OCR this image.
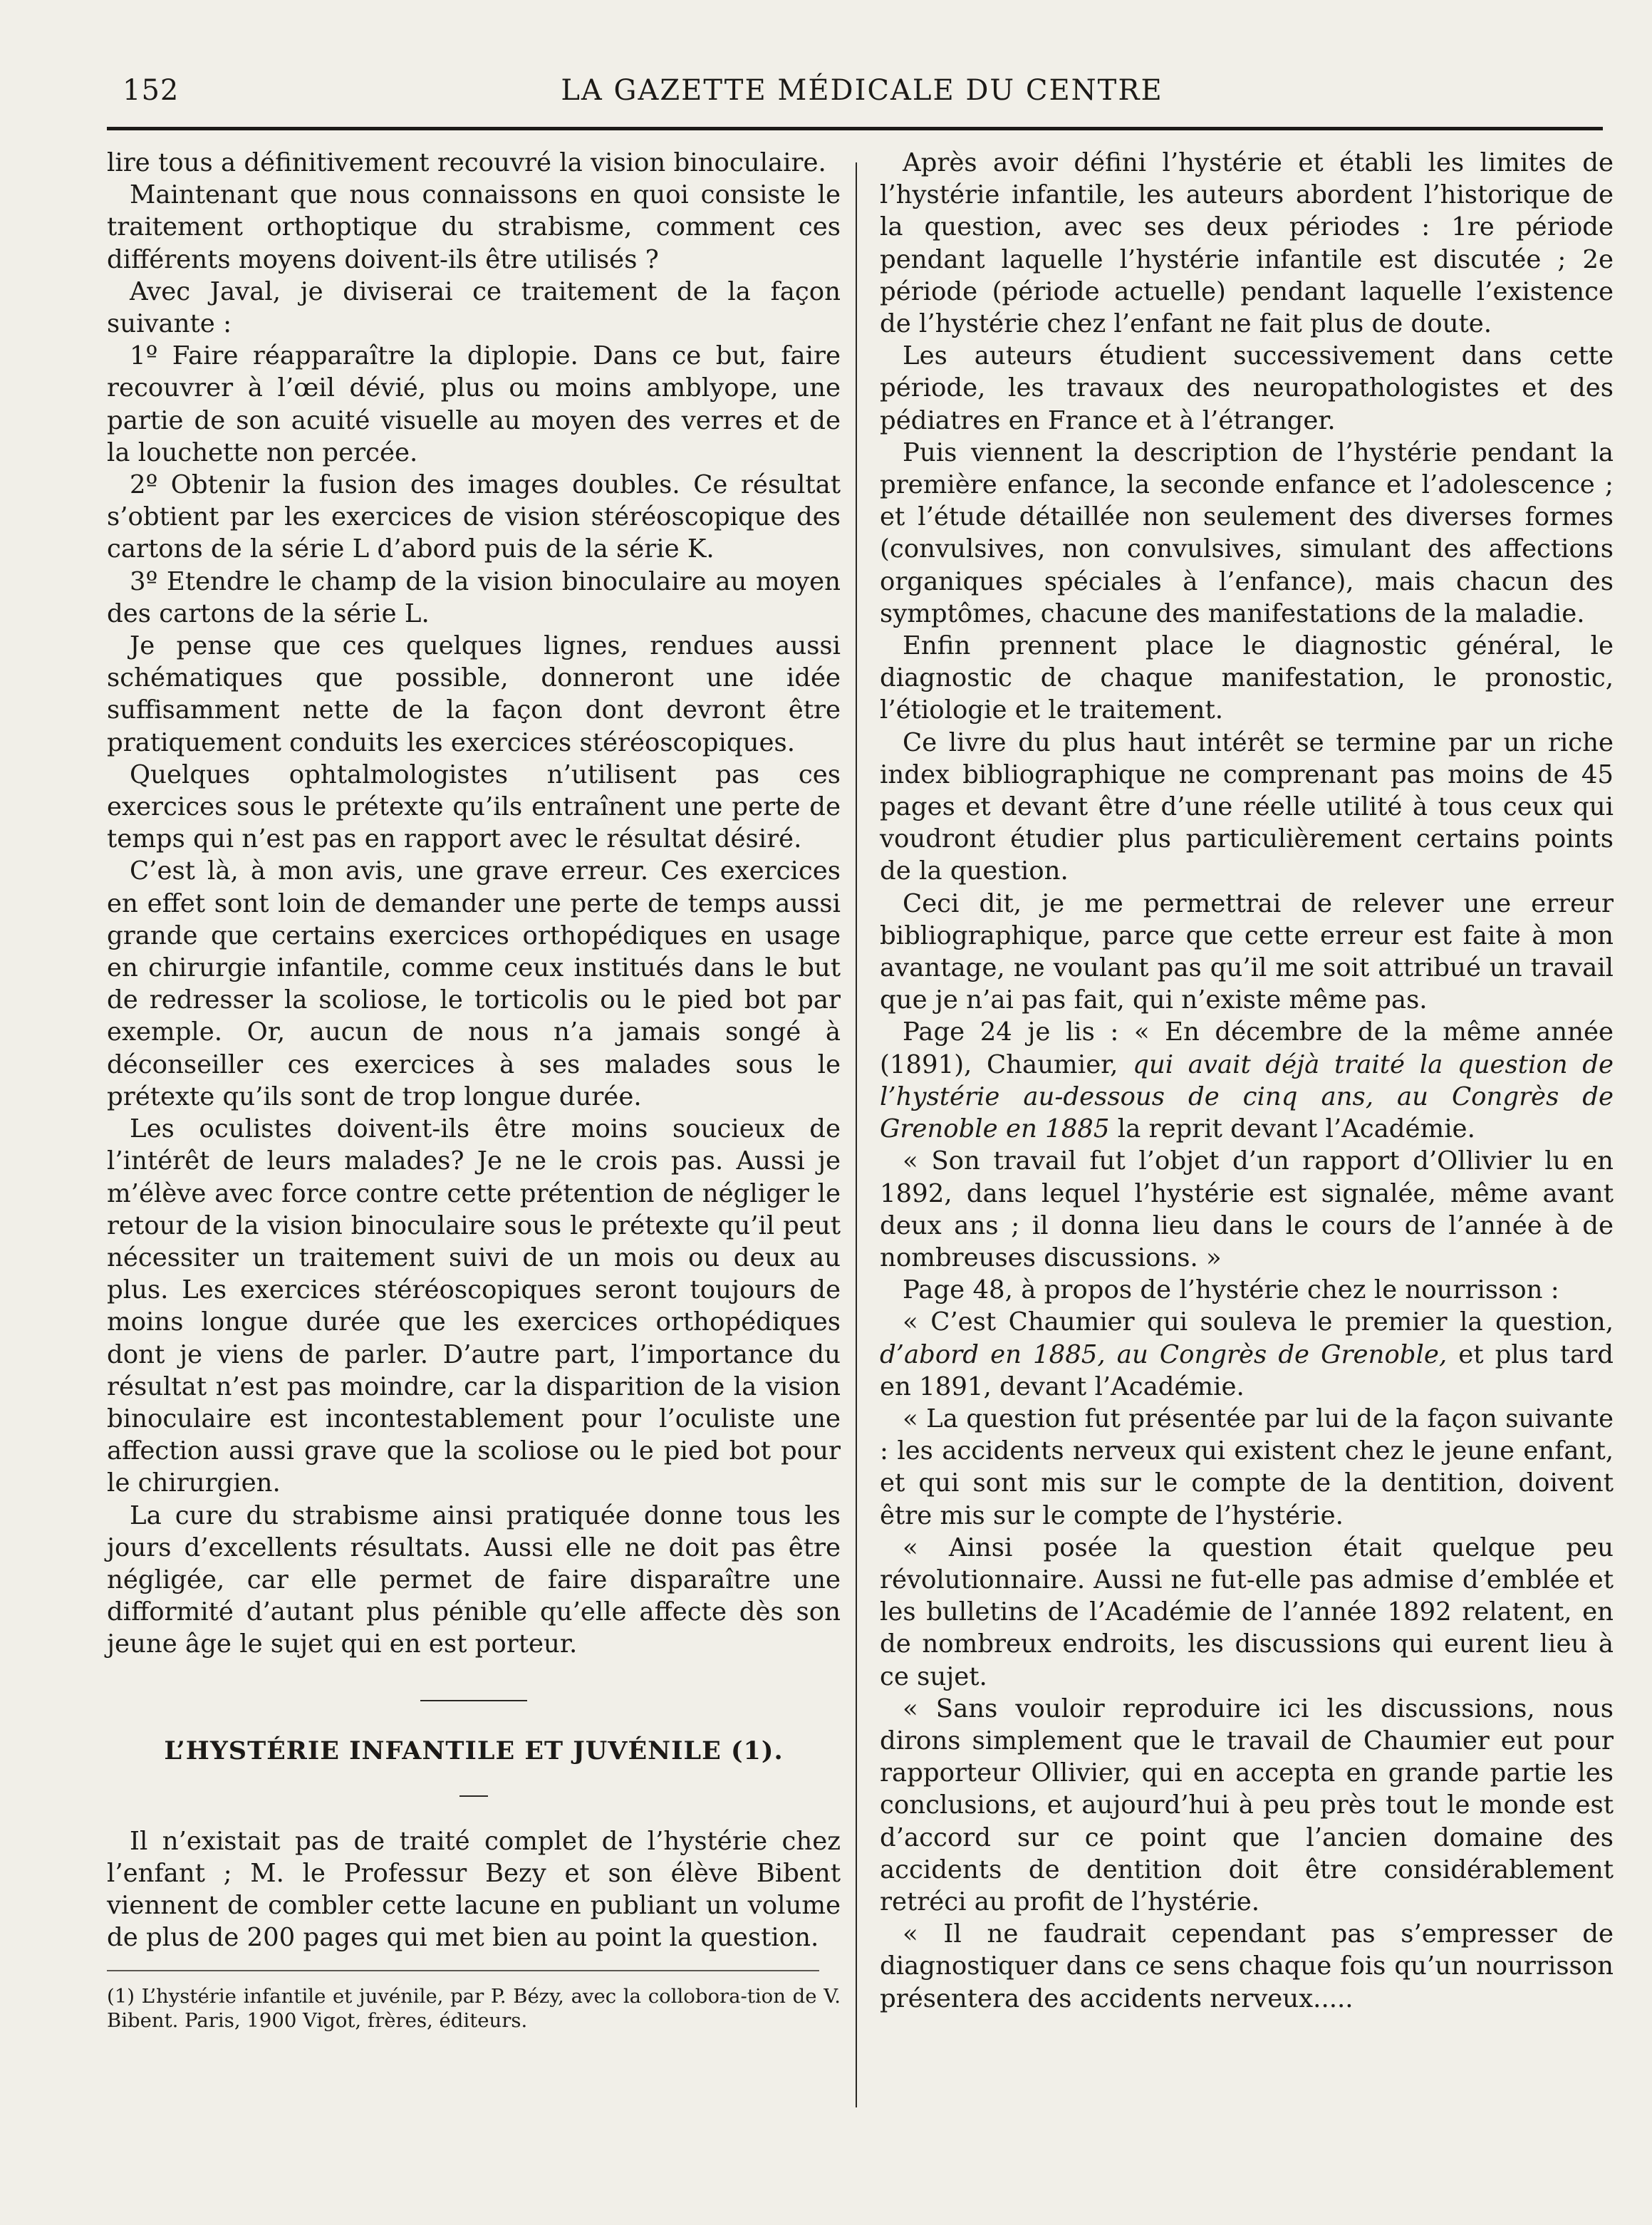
152	LA GAZETTE MÉDICALE DU CENTRE

lire tous a définitivement recouvré la vision binoculaire.

Maintenant que nous connaissons en quoi consiste le traitement orthoptique du strabisme, comment ces différents moyens doivent-ils être utilisés ?

Avec Javal, je diviserai ce traitement de la façon suivante :

1º Faire réapparaître la diplopie. Dans ce but, faire recouvrer à l’œil dévié, plus ou moins amblyope, une partie de son acuité visuelle au moyen des verres et de la louchette non percée.

2º Obtenir la fusion des images doubles. Ce résultat s’obtient par les exercices de vision stéréoscopique des cartons de la série L d’abord puis de la série K.

3º Etendre le champ de la vision binoculaire au moyen des cartons de la série L.

Je pense que ces quelques lignes, rendues aussi schématiques que possible, donneront une idée suffisamment nette de la façon dont devront être pratiquement conduits les exercices stéréoscopiques.

Quelques ophtalmologistes n’utilisent pas ces exercices sous le prétexte qu’ils entraînent une perte de temps qui n’est pas en rapport avec le résultat désiré.

C’est là, à mon avis, une grave erreur. Ces exercices en effet sont loin de demander une perte de temps aussi grande que certains exercices orthopédiques en usage en chirurgie infantile, comme ceux institués dans le but de redresser la scoliose, le torticolis ou le pied bot par exemple. Or, aucun de nous n’a jamais songé à déconseiller ces exercices à ses malades sous le prétexte qu’ils sont de trop longue durée.

Les oculistes doivent-ils être moins soucieux de l’intérêt de leurs malades? Je ne le crois pas. Aussi je m’élève avec force contre cette prétention de négliger le retour de la vision binoculaire sous le prétexte qu’il peut nécessiter un traitement suivi de un mois ou deux au plus. Les exercices stéréoscopiques seront toujours de moins longue durée que les exercices orthopédiques dont je viens de parler. D’autre part, l’importance du résultat n’est pas moindre, car la disparition de la vision binoculaire est incontestablement pour l’oculiste une affection aussi grave que la scoliose ou le pied bot pour le chirurgien.

La cure du strabisme ainsi pratiquée donne tous les jours d’excellents résultats. Aussi elle ne doit pas être négligée, car elle permet de faire disparaître une difformité d’autant plus pénible qu’elle affecte dès son jeune âge le sujet qui en est porteur.

L’HYSTÉRIE INFANTILE ET JUVÉNILE (1).

Il n’existait pas de traité complet de l’hystérie chez l’enfant ; M. le Professur Bezy et son élève Bibent viennent de combler cette lacune en publiant un volume de plus de 200 pages qui met bien au point la question.

(1) L’hystérie infantile et juvénile, par P. Bézy, avec la collobora-tion de V. Bibent. Paris, 1900 Vigot, frères, éditeurs.

Après avoir défini l’hystérie et établi les limites de l’hystérie infantile, les auteurs abordent l’historique de la question, avec ses deux périodes : 1re période pendant laquelle l’hystérie infantile est discutée ; 2e période (période actuelle) pendant laquelle l’existence de l’hystérie chez l’enfant ne fait plus de doute.

Les auteurs étudient successivement dans cette période, les travaux des neuropathologistes et des pédiatres en France et à l’étranger.

Puis viennent la description de l’hystérie pendant la première enfance, la seconde enfance et l’adolescence ; et l’étude détaillée non seulement des diverses formes (convulsives, non convulsives, simulant des affections organiques spéciales à l’enfance), mais chacun des symptômes, chacune des manifestations de la maladie.

Enfin prennent place le diagnostic général, le diagnostic de chaque manifestation, le pronostic, l’étiologie et le traitement.

Ce livre du plus haut intérêt se termine par un riche index bibliographique ne comprenant pas moins de 45 pages et devant être d’une réelle utilité à tous ceux qui voudront étudier plus particulièrement certains points de la question.

Ceci dit, je me permettrai de relever une erreur bibliographique, parce que cette erreur est faite à mon avantage, ne voulant pas qu’il me soit attribué un travail que je n’ai pas fait, qui n’existe même pas.

Page 24 je lis : « En décembre de la même année (1891), Chaumier, qui avait déjà traité la question de l’hystérie au-dessous de cinq ans, au Congrès de Grenoble en 1885 la reprit devant l’Académie.

« Son travail fut l’objet d’un rapport d’Ollivier lu en 1892, dans lequel l’hystérie est signalée, même avant deux ans ; il donna lieu dans le cours de l’année à de nombreuses discussions. »

Page 48, à propos de l’hystérie chez le nourrisson :

« C’est Chaumier qui souleva le premier la question, d’abord en 1885, au Congrès de Grenoble, et plus tard en 1891, devant l’Académie.

« La question fut présentée par lui de la façon suivante : les accidents nerveux qui existent chez le jeune enfant, et qui sont mis sur le compte de la dentition, doivent être mis sur le compte de l’hystérie.

« Ainsi posée la question était quelque peu révolutionnaire. Aussi ne fut-elle pas admise d’emblée et les bulletins de l’Académie de l’année 1892 relatent, en de nombreux endroits, les discussions qui eurent lieu à ce sujet.

« Sans vouloir reproduire ici les discussions, nous dirons simplement que le travail de Chaumier eut pour rapporteur Ollivier, qui en accepta en grande partie les conclusions, et aujourd’hui à peu près tout le monde est d’accord sur ce point que l’ancien domaine des accidents de dentition doit être considérablement retréci au profit de l’hystérie.

« Il ne faudrait cependant pas s’empresser de diagnostiquer dans ce sens chaque fois qu’un nourrisson présentera des accidents nerveux.....
